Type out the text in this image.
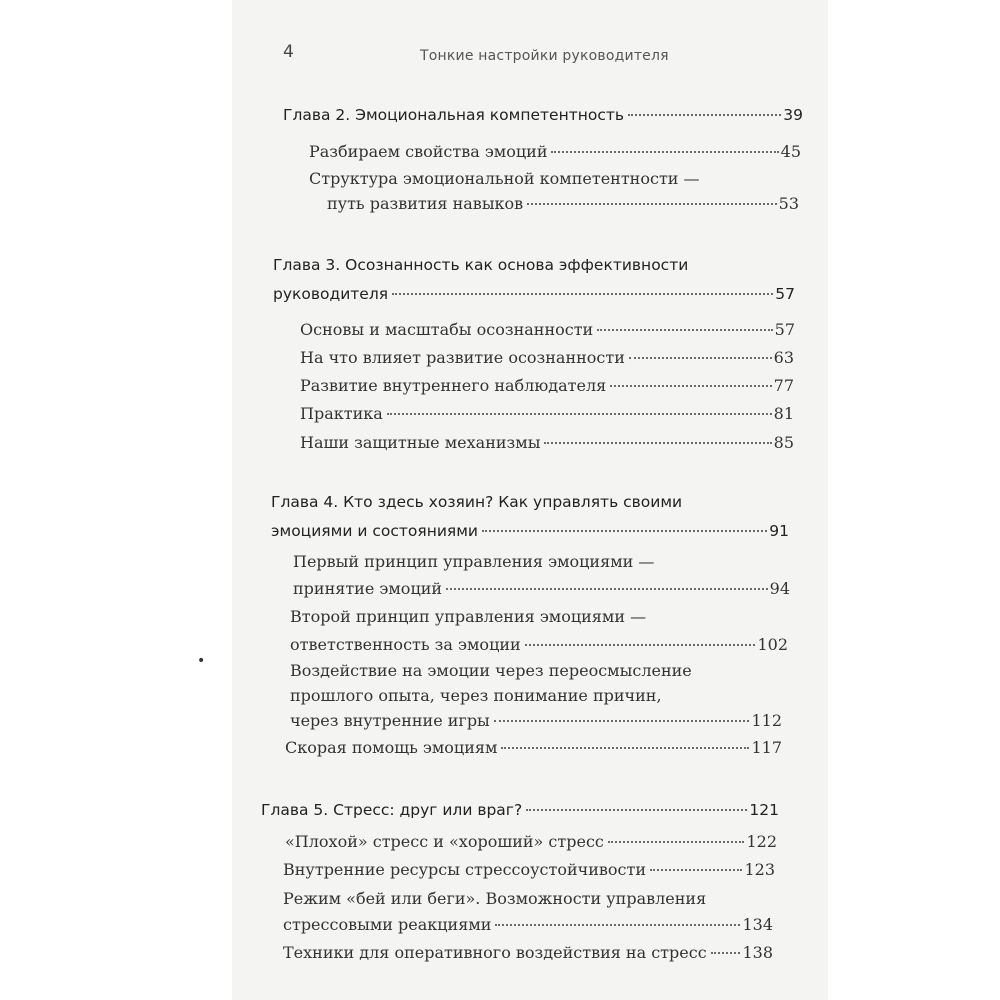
4	Тонкие настройки руководителя
Глава 2. Эмоциональная компетентность	39
Разбираем свойства эмоций	45
Структура эмоциональной компетентности —
путь развития навыков	53
Глава 3. Осознанность как основа эффективности
руководителя	57
Основы и масштабы осознанности	57
На что влияет развитие осознанности	63
Развитие внутреннего наблюдателя	77
Практика	81
Наши защитные механизмы	85
Глава 4. Кто здесь хозяин? Как управлять своими
эмоциями и состояниями	91
Первый принцип управления эмоциями —
принятие эмоций	94
Второй принцип управления эмоциями —
ответственность за эмоции	102
Воздействие на эмоции через переосмысление
прошлого опыта, через понимание причин,
через внутренние игры	112
Скорая помощь эмоциям	117
Глава 5. Стресс: друг или враг?	121
«Плохой» стресс и «хороший» стресс	122
Внутренние ресурсы стрессоустойчивости	123
Режим «бей или беги». Возможности управления
стрессовыми реакциями	134
Техники для оперативного воздействия на стресс 138
•
